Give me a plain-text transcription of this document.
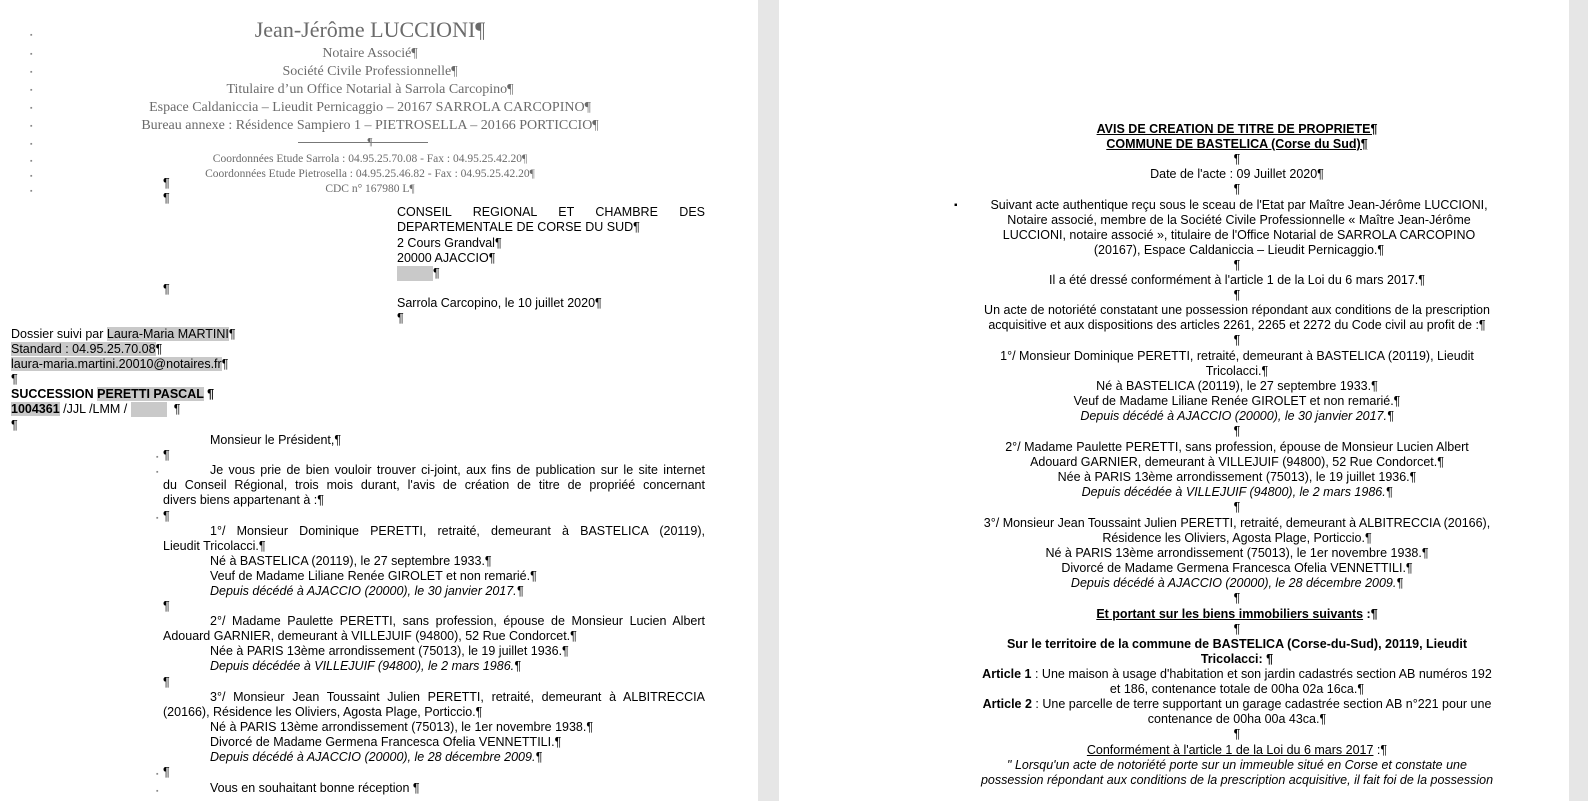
▪
▪
▪
▪
▪
▪
▪
▪
▪
▪
Jean-Jérôme LUCCIONI¶
Notaire Associé¶
Société Civile Professionnelle¶
Titulaire d’un Office Notarial à Sarrola Carcopino¶
Espace Caldaniccia – Lieudit Pernicaggio – 20167 SARROLA CARCOPINO¶
Bureau annexe : Résidence Sampiero 1 – PIETROSELLA – 20166 PORTICCIO¶
Coordonnées Etude Sarrola : 04.95.25.70.08 - Fax : 04.95.25.42.20¶
Coordonnées Etude Pietrosella : 04.95.25.46.82 - Fax : 04.95.25.42.20¶
CDC n° 167980 L¶
¶
¶
CONSEIL REGIONAL ET CHAMBRE DES
DEPARTEMENTALE DE CORSE DU SUD¶
2 Cours Grandval¶
20000 AJACCIO¶
¶
¶
Sarrola Carcopino, le 10 juillet 2020¶
¶
Dossier suivi par Laura-Maria MARTINI¶
Standard : 04.95.25.70.08¶
laura-maria.martini.20010@notaires.fr¶
¶
SUCCESSION PERETTI PASCAL ¶
1004361 /JJL /LMM /	¶
¶
Monsieur le Président,¶
▪ ¶
▪	Je vous prie de bien vouloir trouver ci-joint, aux fins de publication sur le site internet
du Conseil Régional, trois mois durant, l'avis de création de titre de propriéé concernant
divers biens appartenant à :¶
▪ ¶
1°/ Monsieur Dominique PERETTI, retraité, demeurant à BASTELICA (20119),
Lieudit Tricolacci.¶
Né à BASTELICA (20119), le 27 septembre 1933.¶
Veuf de Madame Liliane Renée GIROLET et non remarié.¶
Depuis décédé à AJACCIO (20000), le 30 janvier 2017.¶
¶
2°/ Madame Paulette PERETTI, sans profession, épouse de Monsieur Lucien Albert
Adouard GARNIER, demeurant à VILLEJUIF (94800), 52 Rue Condorcet.¶
Née à PARIS 13ème arrondissement (75013), le 19 juillet 1936.¶
Depuis décédée à VILLEJUIF (94800), le 2 mars 1986.¶
¶
3°/ Monsieur Jean Toussaint Julien PERETTI, retraité, demeurant à ALBITRECCIA
(20166), Résidence les Oliviers, Agosta Plage, Porticcio.¶
Né à PARIS 13ème arrondissement (75013), le 1er novembre 1938.¶
Divorcé de Madame Germena Francesca Ofelia VENNETTILI.¶
Depuis décédé à AJACCIO (20000), le 28 décembre 2009.¶
▪ ¶
▪	Vous en souhaitant bonne réception ¶
AVIS DE CREATION DE TITRE DE PROPRIETE¶
COMMUNE DE BASTELICA (Corse du Sud)¶
¶
Date de l'acte : 09 Juillet 2020¶
¶
▪	Suivant acte authentique reçu sous le sceau de l'Etat par Maître Jean-Jérôme LUCCIONI,
Notaire associé, membre de la Société Civile Professionnelle « Maître Jean-Jérôme
LUCCIONI, notaire associé », titulaire de l'Office Notarial de SARROLA CARCOPINO
(20167), Espace Caldaniccia – Lieudit Pernicaggio.¶
¶
Il a été dressé conformément à l'article 1 de la Loi du 6 mars 2017.¶
¶
Un acte de notoriété constatant une possession répondant aux conditions de la prescription
acquisitive et aux dispositions des articles 2261, 2265 et 2272 du Code civil au profit de :¶
¶
1°/ Monsieur Dominique PERETTI, retraité, demeurant à BASTELICA (20119), Lieudit
Tricolacci.¶
Né à BASTELICA (20119), le 27 septembre 1933.¶
Veuf de Madame Liliane Renée GIROLET et non remarié.¶
Depuis décédé à AJACCIO (20000), le 30 janvier 2017.¶
¶
2°/ Madame Paulette PERETTI, sans profession, épouse de Monsieur Lucien Albert
Adouard GARNIER, demeurant à VILLEJUIF (94800), 52 Rue Condorcet.¶
Née à PARIS 13ème arrondissement (75013), le 19 juillet 1936.¶
Depuis décédée à VILLEJUIF (94800), le 2 mars 1986.¶
¶
3°/ Monsieur Jean Toussaint Julien PERETTI, retraité, demeurant à ALBITRECCIA (20166),
Résidence les Oliviers, Agosta Plage, Porticcio.¶
Né à PARIS 13ème arrondissement (75013), le 1er novembre 1938.¶
Divorcé de Madame Germena Francesca Ofelia VENNETTILI.¶
Depuis décédé à AJACCIO (20000), le 28 décembre 2009.¶
¶
Et portant sur les biens immobiliers suivants :¶
¶
Sur le territoire de la commune de BASTELICA (Corse-du-Sud), 20119, Lieudit
Tricolacci: ¶
Article 1 : Une maison à usage d'habitation et son jardin cadastrés section AB numéros 192
et 186, contenance totale de 00ha 02a 16ca.¶
Article 2 : Une parcelle de terre supportant un garage cadastrée section AB n°221 pour une
contenance de 00ha 00a 43ca.¶
¶
Conformément à l'article 1 de la Loi du 6 mars 2017 :¶
" Lorsqu'un acte de notoriété porte sur un immeuble situé en Corse et constate une
possession répondant aux conditions de la prescription acquisitive, il fait foi de la possession
